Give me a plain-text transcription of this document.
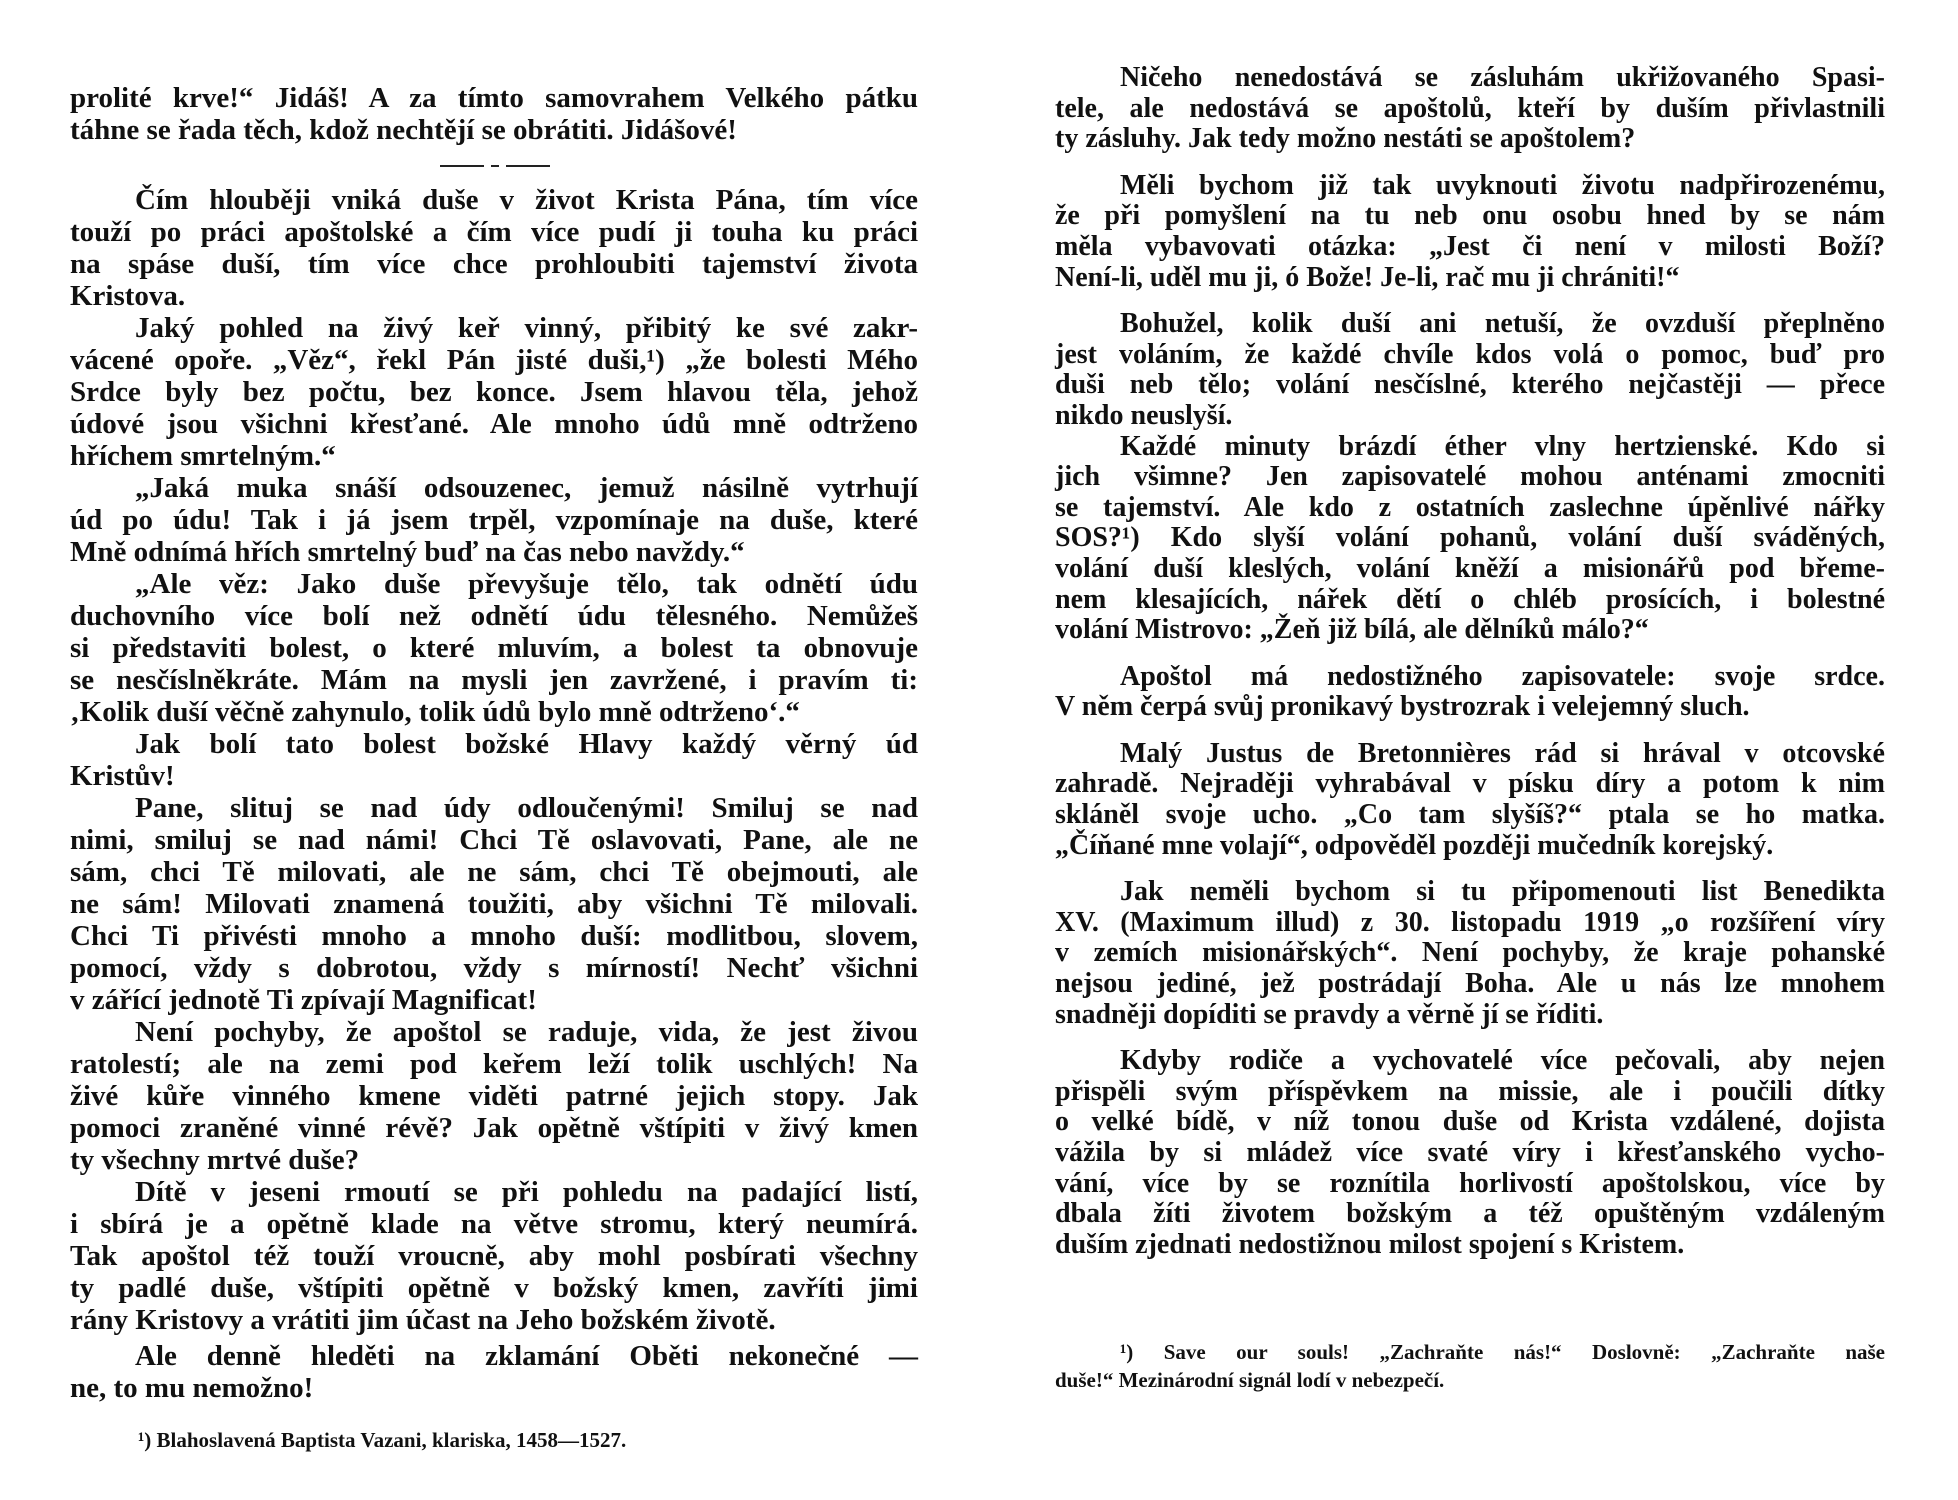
prolité krve!“ Jidáš! A za tímto samovrahem Velkého pátku
táhne se řada těch, kdož nechtějí se obrátiti. Jidášové!
Čím hlouběji vniká duše v život Krista Pána, tím více
touží po práci apoštolské a čím více pudí ji touha ku práci
na spáse duší, tím více chce prohloubiti tajemství života
Kristova.
Jaký pohled na živý keř vinný, přibitý ke své zakr-
vácené opoře. „Věz“, řekl Pán jisté duši,¹) „že bolesti Mého
Srdce byly bez počtu, bez konce. Jsem hlavou těla, jehož
údové jsou všichni křesťané. Ale mnoho údů mně odtrženo
hříchem smrtelným.“
„Jaká muka snáší odsouzenec, jemuž násilně vytrhují
úd po údu! Tak i já jsem trpěl, vzpomínaje na duše, které
Mně odnímá hřích smrtelný buď na čas nebo navždy.“
„Ale věz: Jako duše převyšuje tělo, tak odnětí údu
duchovního více bolí než odnětí údu tělesného. Nemůžeš
si představiti bolest, o které mluvím, a bolest ta obnovuje
se nesčíslněkráte. Mám na mysli jen zavržené, i pravím ti:
‚Kolik duší věčně zahynulo, tolik údů bylo mně odtrženo‘.“
Jak bolí tato bolest božské Hlavy každý věrný úd
Kristův!
Pane, slituj se nad údy odloučenými! Smiluj se nad
nimi, smiluj se nad námi! Chci Tě oslavovati, Pane, ale ne
sám, chci Tě milovati, ale ne sám, chci Tě obejmouti, ale
ne sám! Milovati znamená toužiti, aby všichni Tě milovali.
Chci Ti přivésti mnoho a mnoho duší: modlitbou, slovem,
pomocí, vždy s dobrotou, vždy s mírností! Nechť všichni
v zářící jednotě Ti zpívají Magnificat!
Není pochyby, že apoštol se raduje, vida, že jest živou
ratolestí; ale na zemi pod keřem leží tolik uschlých! Na
živé kůře vinného kmene viděti patrné jejich stopy. Jak
pomoci zraněné vinné révě? Jak opětně vštípiti v živý kmen
ty všechny mrtvé duše?
Dítě v jeseni rmoutí se při pohledu na padající listí,
i sbírá je a opětně klade na větve stromu, který neumírá.
Tak apoštol též touží vroucně, aby mohl posbírati všechny
ty padlé duše, vštípiti opětně v božský kmen, zavříti jimi
rány Kristovy a vrátiti jim účast na Jeho božském životě.
Ale denně hleděti na zklamání Oběti nekonečné —
ne, to mu nemožno!
¹) Blahoslavená Baptista Vazani, klariska, 1458—1527.
Ničeho nenedostává se zásluhám ukřižovaného Spasi-
tele, ale nedostává se apoštolů, kteří by duším přivlastnili
ty zásluhy. Jak tedy možno nestáti se apoštolem?
Měli bychom již tak uvyknouti životu nadpřirozenému,
že při pomyšlení na tu neb onu osobu hned by se nám
měla vybavovati otázka: „Jest či není v milosti Boží?
Není-li, uděl mu ji, ó Bože! Je-li, rač mu ji chrániti!“
Bohužel, kolik duší ani netuší, že ovzduší přeplněno
jest voláním, že každé chvíle kdos volá o pomoc, buď pro
duši neb tělo; volání nesčíslné, kterého nejčastěji — přece
nikdo neuslyší.
Každé minuty brázdí éther vlny hertzienské. Kdo si
jich všimne? Jen zapisovatelé mohou anténami zmocniti
se tajemství. Ale kdo z ostatních zaslechne úpěnlivé nářky
SOS?¹) Kdo slyší volání pohanů, volání duší sváděných,
volání duší kleslých, volání kněží a misionářů pod břeme-
nem klesajících, nářek dětí o chléb prosících, i bolestné
volání Mistrovo: „Žeň již bílá, ale dělníků málo?“
Apoštol má nedostižného zapisovatele: svoje srdce.
V něm čerpá svůj pronikavý bystrozrak i velejemný sluch.
Malý Justus de Bretonnières rád si hrával v otcovské
zahradě. Nejraději vyhrabával v písku díry a potom k nim
skláněl svoje ucho. „Co tam slyšíš?“ ptala se ho matka.
„Číňané mne volají“, odpověděl později mučedník korejský.
Jak neměli bychom si tu připomenouti list Benedikta
XV. (Maximum illud) z 30. listopadu 1919 „o rozšíření víry
v zemích misionářských“. Není pochyby, že kraje pohanské
nejsou jediné, jež postrádají Boha. Ale u nás lze mnohem
snadněji dopíditi se pravdy a věrně jí se říditi.
Kdyby rodiče a vychovatelé více pečovali, aby nejen
přispěli svým příspěvkem na missie, ale i poučili dítky
o velké bídě, v níž tonou duše od Krista vzdálené, dojista
vážila by si mládež více svaté víry i křesťanského vycho-
vání, více by se roznítila horlivostí apoštolskou, více by
dbala žíti životem božským a též opuštěným vzdáleným
duším zjednati nedostižnou milost spojení s Kristem.
¹) Save our souls! „Zachraňte nás!“ Doslovně: „Zachraňte naše
duše!“ Mezinárodní signál lodí v nebezpečí.
